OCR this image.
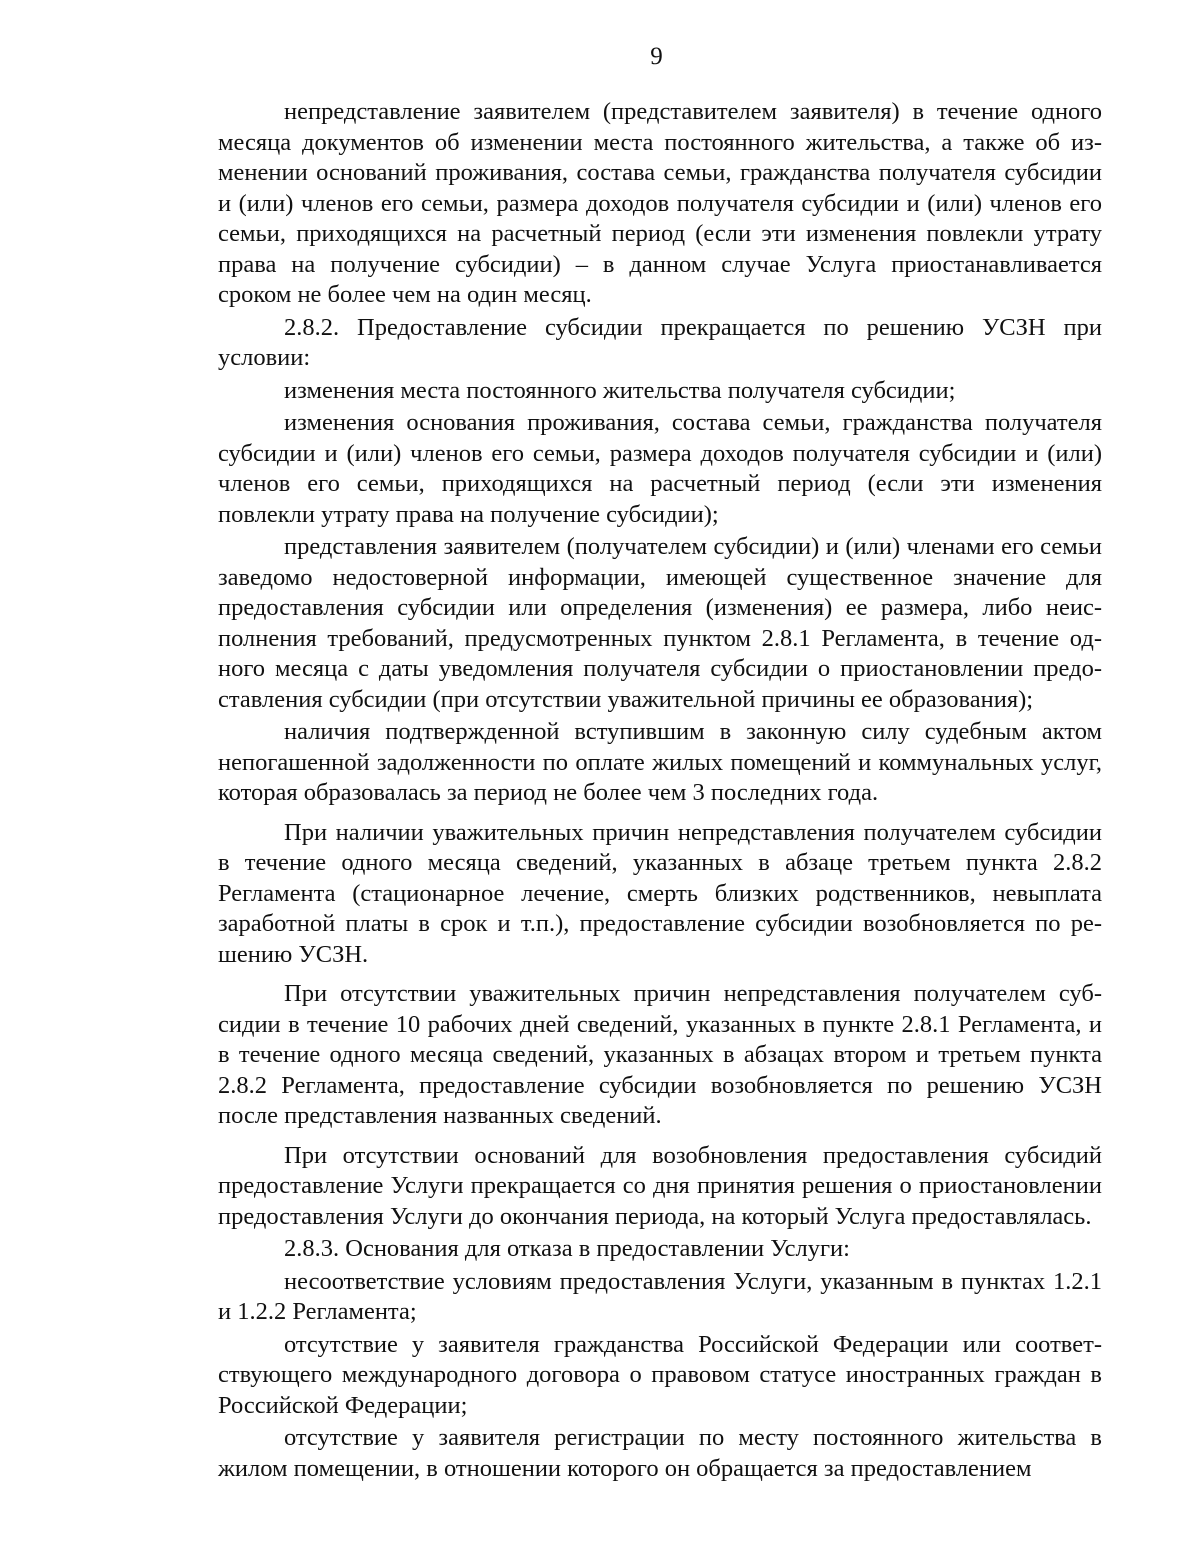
9

непредставление заявителем (представителем заявителя) в течение одного месяца документов об изменении места постоянного жительства, а также об изменении оснований проживания, состава семьи, гражданства получателя субсидии и (или) членов его семьи, размера доходов получателя субсидии и (или) членов его семьи, приходящихся на расчетный период (если эти изменения повлекли утрату права на получение субсидии) – в данном случае Услуга приостанавливается сроком не более чем на один месяц.

2.8.2. Предоставление субсидии прекращается по решению УСЗН при условии:

изменения места постоянного жительства получателя субсидии;

изменения основания проживания, состава семьи, гражданства получателя субсидии и (или) членов его семьи, размера доходов получателя субсидии и (или) членов его семьи, приходящихся на расчетный период (если эти изменения повлекли утрату права на получение субсидии);

представления заявителем (получателем субсидии) и (или) членами его семьи заведомо недостоверной информации, имеющей существенное значение для предоставления субсидии или определения (изменения) ее размера, либо неисполнения требований, предусмотренных пунктом 2.8.1 Регламента, в течение одного месяца с даты уведомления получателя субсидии о приостановлении предоставления субсидии (при отсутствии уважительной причины ее образования);

наличия подтвержденной вступившим в законную силу судебным актом непогашенной задолженности по оплате жилых помещений и коммунальных услуг, которая образовалась за период не более чем 3 последних года.

При наличии уважительных причин непредставления получателем субсидии в течение одного месяца сведений, указанных в абзаце третьем пункта 2.8.2 Регламента (стационарное лечение, смерть близких родственников, невыплата заработной платы в срок и т.п.), предоставление субсидии возобновляется по решению УСЗН.

При отсутствии уважительных причин непредставления получателем субсидии в течение 10 рабочих дней сведений, указанных в пункте 2.8.1 Регламента, и в течение одного месяца сведений, указанных в абзацах втором и третьем пункта 2.8.2 Регламента, предоставление субсидии возобновляется по решению УСЗН после представления названных сведений.

При отсутствии оснований для возобновления предоставления субсидий предоставление Услуги прекращается со дня принятия решения о приостановлении предоставления Услуги до окончания периода, на который Услуга предоставлялась.

2.8.3. Основания для отказа в предоставлении Услуги:

несоответствие условиям предоставления Услуги, указанным в пунктах 1.2.1 и 1.2.2 Регламента;

отсутствие у заявителя гражданства Российской Федерации или соответствующего международного договора о правовом статусе иностранных граждан в Российской Федерации;

отсутствие у заявителя регистрации по месту постоянного жительства в жилом помещении, в отношении которого он обращается за предоставлением
